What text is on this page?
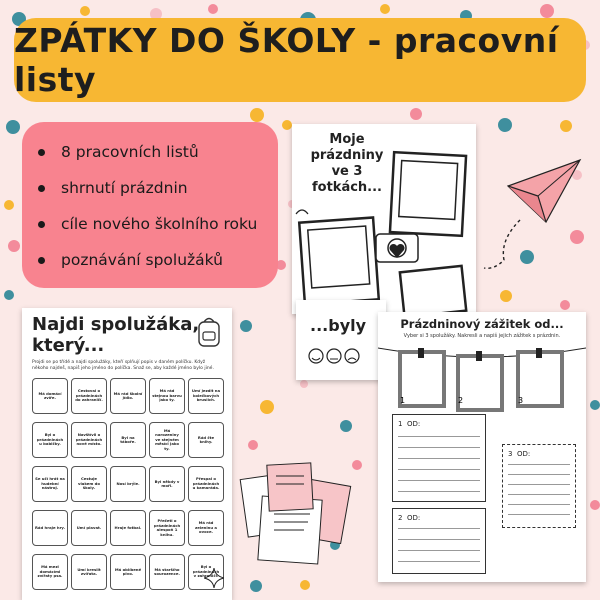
ZPÁTKY DO ŠKOLY - pracovní listy
8 pracovních listů
shrnutí prázdnin
cíle nového školního roku
poznávání spolužáků
Moje prázdniny ve 3 fotkách...
...byly	Prázdninový zážitek od...
Vyber si 3 spolužáky. Nakresli a napiš jejich zážitek s prázdnin.
1	2	3
1 OD:
3 OD:
2 OD:
Najdi spolužáka, který...
Projdi se po třídě a najdi spolužáky, kteří splňují popis v daném políčku. Když někoho najdeš, napiš jeho jméno do políčka. Snaž se, aby každé jméno bylo jiné.
Má domácí zvíře.
Cestoval o prázdninách do zahraničí.
Má rád školní jídlo.
Má rád stejnou barvu jako ty.
Umí jezdit na kolečkových bruslích.
Byl o prázdninách u babičky.
Navštívil o prázdninách nové místo.
Byl na táboře.
Má narozeniny ve stejném měsíci jako ty.
Rád čte knihy.
Se učí hrát na hudební nástroj.
Cestuje vlakem do školy.
Nosí brýle.	Byl někdy v moři.
Přespal o prázdninách u kamaráda.
Rád hraje hry.	Umí plavat.	Hraje fotbal.
Přečetl o prázdninách alespoň 1 knihu.
Má rád zeleninu a ovoce.
Má mezi domácími zvířaty psa.
Umí kreslit zvířata.
Má oblíbené pivo.
Má staršího sourozence.
Byl o prázdninách v zahraničí.
